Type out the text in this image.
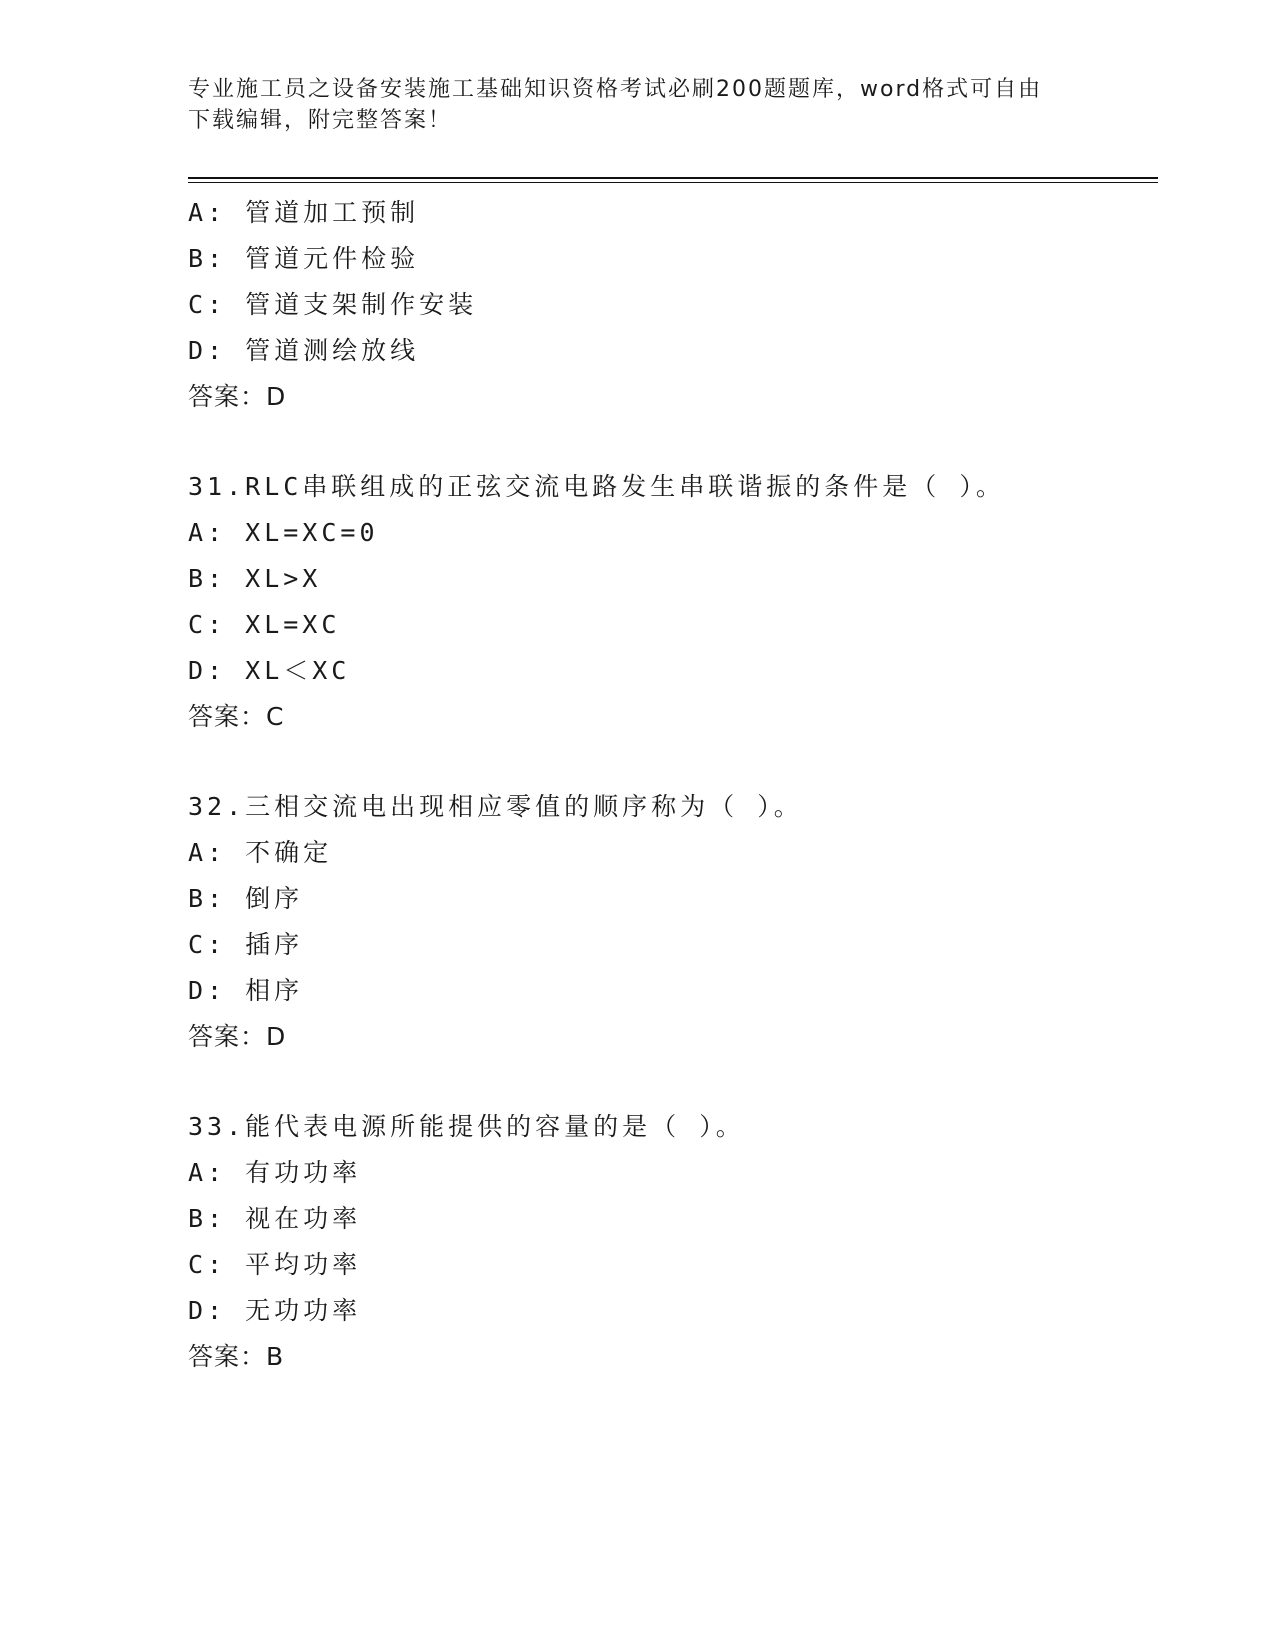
专业施工员之设备安装施工基础知识资格考试必刷200题题库，word格式可自由
下载编辑，附完整答案！
A: 管道加工预制
B: 管道元件检验
C: 管道支架制作安装
D: 管道测绘放线
答案：D
31.RLC串联组成的正弦交流电路发生串联谐振的条件是（ ）。
A: XL=XC=0
B: XL>X
C: XL=XC
D: XL＜XC
答案：C
32.三相交流电出现相应零值的顺序称为（ ）。
A: 不确定
B: 倒序
C: 插序
D: 相序
答案：D
33.能代表电源所能提供的容量的是（ ）。
A: 有功功率
B: 视在功率
C: 平均功率
D: 无功功率
答案：B
